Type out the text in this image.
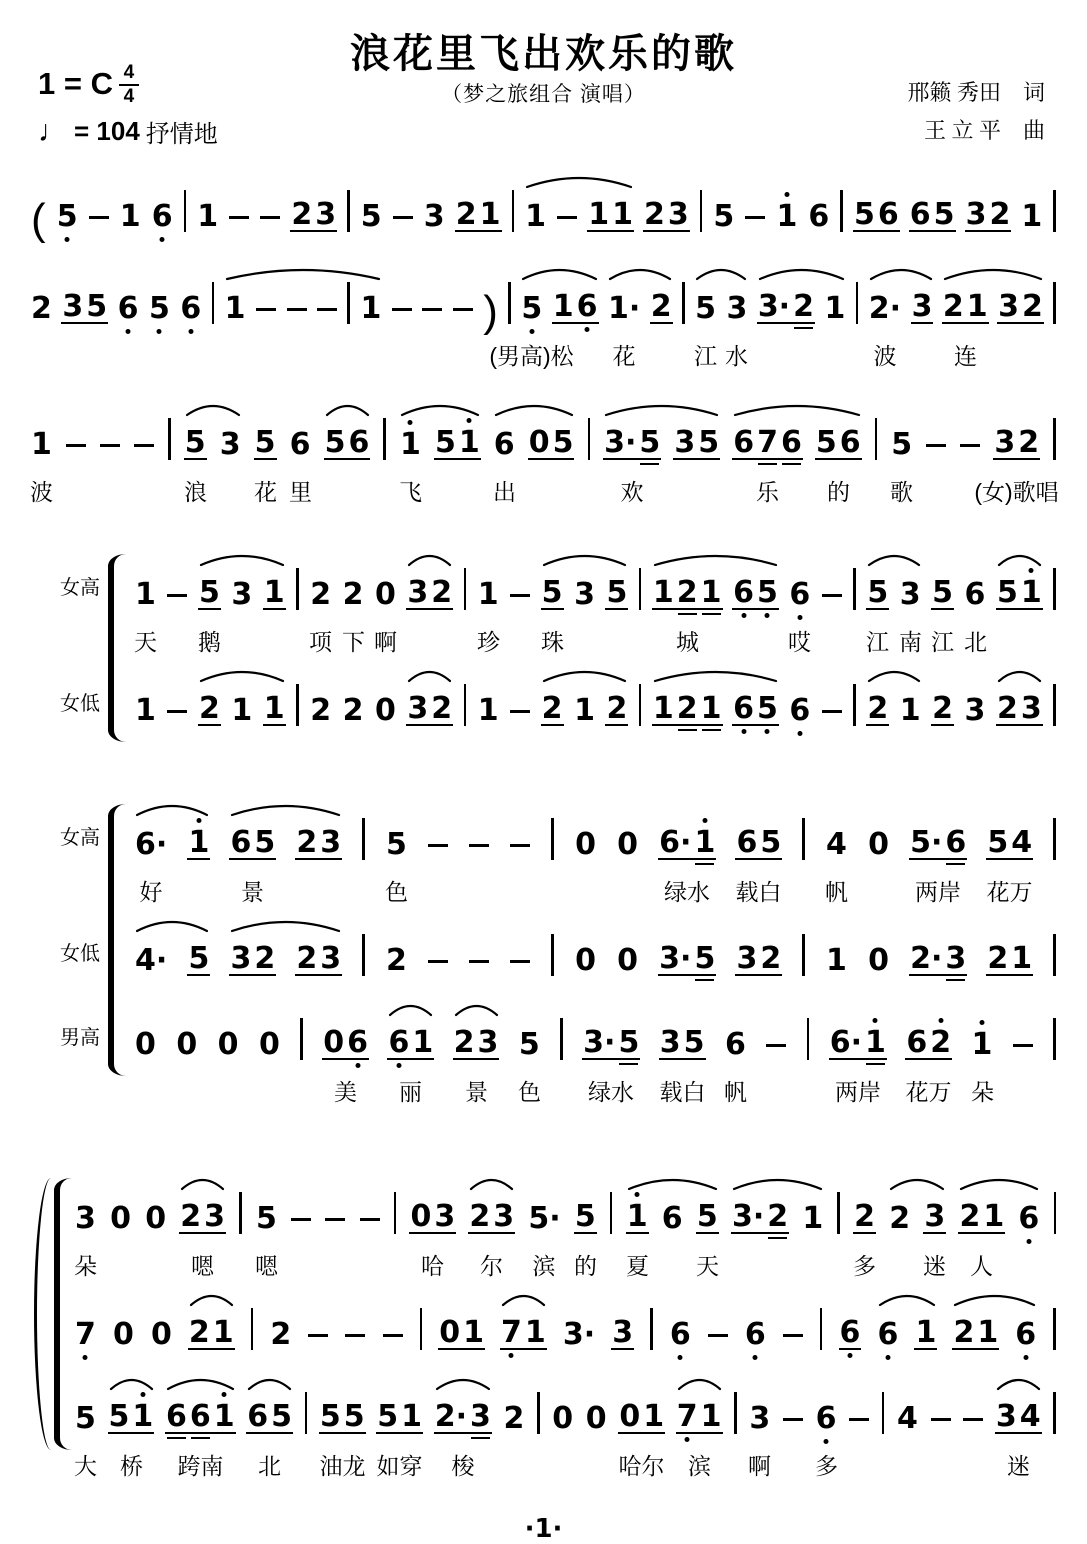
浪花里飞出欢乐的歌
（梦之旅组合 演唱）
1 = C $\frac{4}{4}$
♩ = 104 抒情地
邢籁 秀田　词
王 立 平　曲
( 5 1 6 1 2 3 5 3 2 1 1 1 1 2 3 5 1 6 5 6 6 5 3 2 1
2 3 5 6 5 6 1	1 ) 5 1 6 1· 2 5 3 3· 2 1 2· 3 2 1 3 2
(男高)松 花	江 水	波	连
1	5 3 5 6 5 6 1 5 1 6 0 5 3· 5 3 5 6 7 6 5 6 5	3 2
波	浪 花 里	飞	出	欢	乐 的 歌	(女)歌唱
女高 1 5 3 1 2 2 0 3 2 1 5 3 5 1 2 1 6 5 6 5 3 5 6 5 1
天 鹅	项 下 啊	珍 珠	城	哎 江 南 江 北
女低 1 2 1 1 2 2 0 3 2 1 2 1 2 1 2 1 6 5 6 2 1 2 3 2 3
女高 6· 1 6 5 2 3 5	0 0 6· 1 6 5 4 0 5· 6 5 4
好	景	色	绿水 载白 帆	两岸 花万
女低 4· 5 3 2 2 3 2	0 0 3· 5 3 2 1 0 2· 3 2 1
男高 0 0 0 0 0 6 6 1 2 3 5 3· 5 3 5 6	6· 1 6 2 1
美 丽 景 色 绿水 载白 帆	两岸 花万 朵
3 0 0 2 3 5	0 3 2 3 5· 5 1 6 5 3· 2 1 2 2 3 2 1 6
朵	嗯 嗯	哈 尔 滨 的 夏 天	多 迷 人
7 0 0 2 1 2	0 1 7 1 3· 3 6 6 6 6 1 2 1 6
5 5 1 6 6 1 6 5 5 5 5 1 2· 3 2 0 0 0 1 7 1 3 6 4	3 4
大 桥 跨南 北 油龙 如穿 梭	哈尔 滨 啊 多	迷
·1·
